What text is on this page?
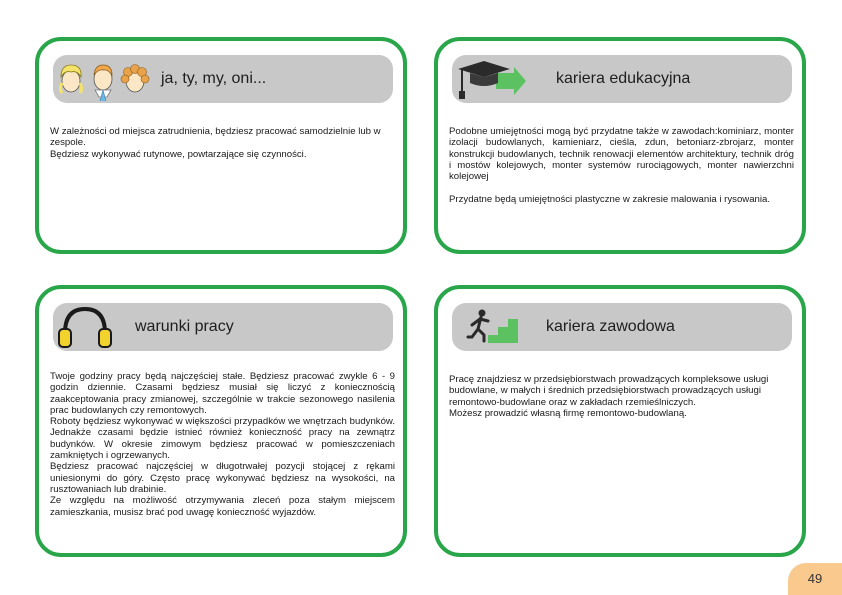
ja, ty, my, oni...

W zależności od miejsca zatrudnienia, będziesz pracować samodzielnie lub w zespole.

Będziesz wykonywać rutynowe, powtarzające się czynności.

kariera edukacyjna

Podobne umiejętności mogą być przydatne także w zawodach:kominiarz, monter izolacji budowlanych, kamieniarz, cieśla, zdun, betoniarz-zbrojarz, monter konstrukcji budowlanych, technik renowacji elementów architektury, technik dróg i mostów kolejowych, monter systemów rurociągowych, monter nawierzchni kolejowej

Przydatne będą umiejętności plastyczne w zakresie malowania i rysowania.

warunki pracy

Twoje godziny pracy będą najczęściej stałe. Będziesz pracować zwykle 6 - 9 godzin dziennie. Czasami będziesz musiał się liczyć z koniecznością zaakceptowania pracy zmianowej, szczególnie w trakcie sezonowego nasilenia prac budowlanych czy remontowych.

Roboty będziesz wykonywać w większości przypadków we wnętrzach budynków. Jednakże czasami będzie istnieć również konieczność pracy na zewnątrz budynków. W okresie zimowym będziesz pracować w pomieszczeniach zamkniętych i ogrzewanych.

Będziesz pracować najczęściej w długotrwałej pozycji stojącej z rękami uniesionymi do góry. Często pracę wykonywać będziesz na wysokości, na rusztowaniach lub drabinie.

Ze względu na możliwość otrzymywania zleceń poza stałym miejscem zamieszkania, musisz brać pod uwagę konieczność wyjazdów.

kariera zawodowa

Pracę znajdziesz w przedsiębiorstwach prowadzących kompleksowe usługi budowlane, w małych i średnich przedsiębiorstwach prowadzących usługi remontowo-budowlane oraz w zakładach rzemieślniczych.

Możesz prowadzić własną firmę remontowo-budowlaną.

49
